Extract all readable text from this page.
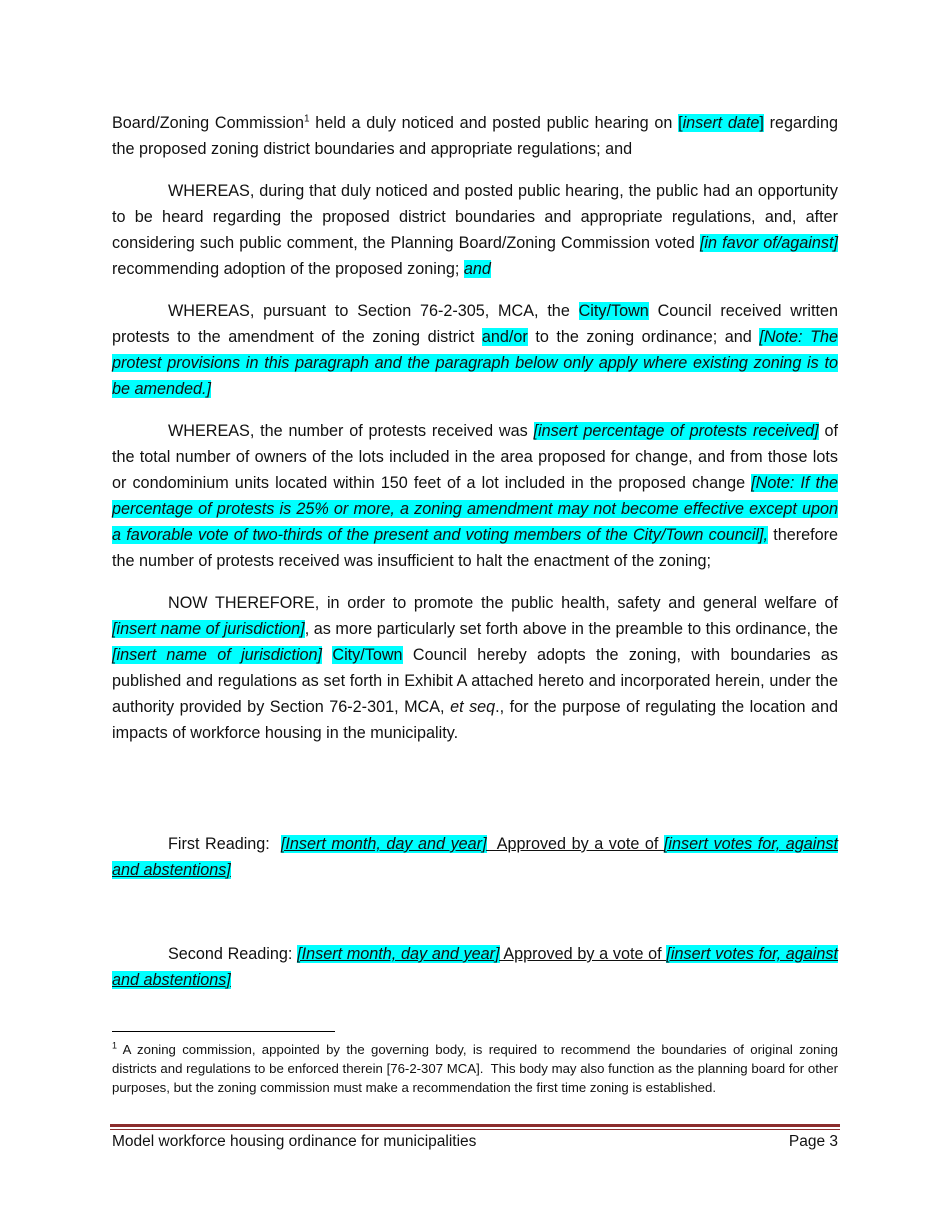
Board/Zoning Commission$^1$ held a duly noticed and posted public hearing on [insert date] regarding the proposed zoning district boundaries and appropriate regulations; and

WHEREAS, during that duly noticed and posted public hearing, the public had an opportunity to be heard regarding the proposed district boundaries and appropriate regulations, and, after considering such public comment, the Planning Board/Zoning Commission voted [in favor of/against] recommending adoption of the proposed zoning; and

WHEREAS, pursuant to Section 76-2-305, MCA, the City/Town Council received written protests to the amendment of the zoning district and/or to the zoning ordinance; and [Note: The protest provisions in this paragraph and the paragraph below only apply where existing zoning is to be amended.]

WHEREAS, the number of protests received was [insert percentage of protests received] of the total number of owners of the lots included in the area proposed for change, and from those lots or condominium units located within 150 feet of a lot included in the proposed change [Note: If the percentage of protests is 25% or more, a zoning amendment may not become effective except upon a favorable vote of two-thirds of the present and voting members of the City/Town council], therefore the number of protests received was insufficient to halt the enactment of the zoning;

NOW THEREFORE, in order to promote the public health, safety and general welfare of [insert name of jurisdiction], as more particularly set forth above in the preamble to this ordinance, the [insert name of jurisdiction] City/Town Council hereby adopts the zoning, with boundaries as published and regulations as set forth in Exhibit A attached hereto and incorporated herein, under the authority provided by Section 76-2-301, MCA, et seq., for the purpose of regulating the location and impacts of workforce housing in the municipality.

First Reading:  [Insert month, day and year]  Approved by a vote of [insert votes for, against and abstentions]

Second Reading: [Insert month, day and year] Approved by a vote of [insert votes for, against and abstentions]

$^1$ A zoning commission, appointed by the governing body, is required to recommend the boundaries of original zoning districts and regulations to be enforced therein [76-2-307 MCA].  This body may also function as the planning board for other purposes, but the zoning commission must make a recommendation the first time zoning is established.
Model workforce housing ordinance for municipalities	Page 3
